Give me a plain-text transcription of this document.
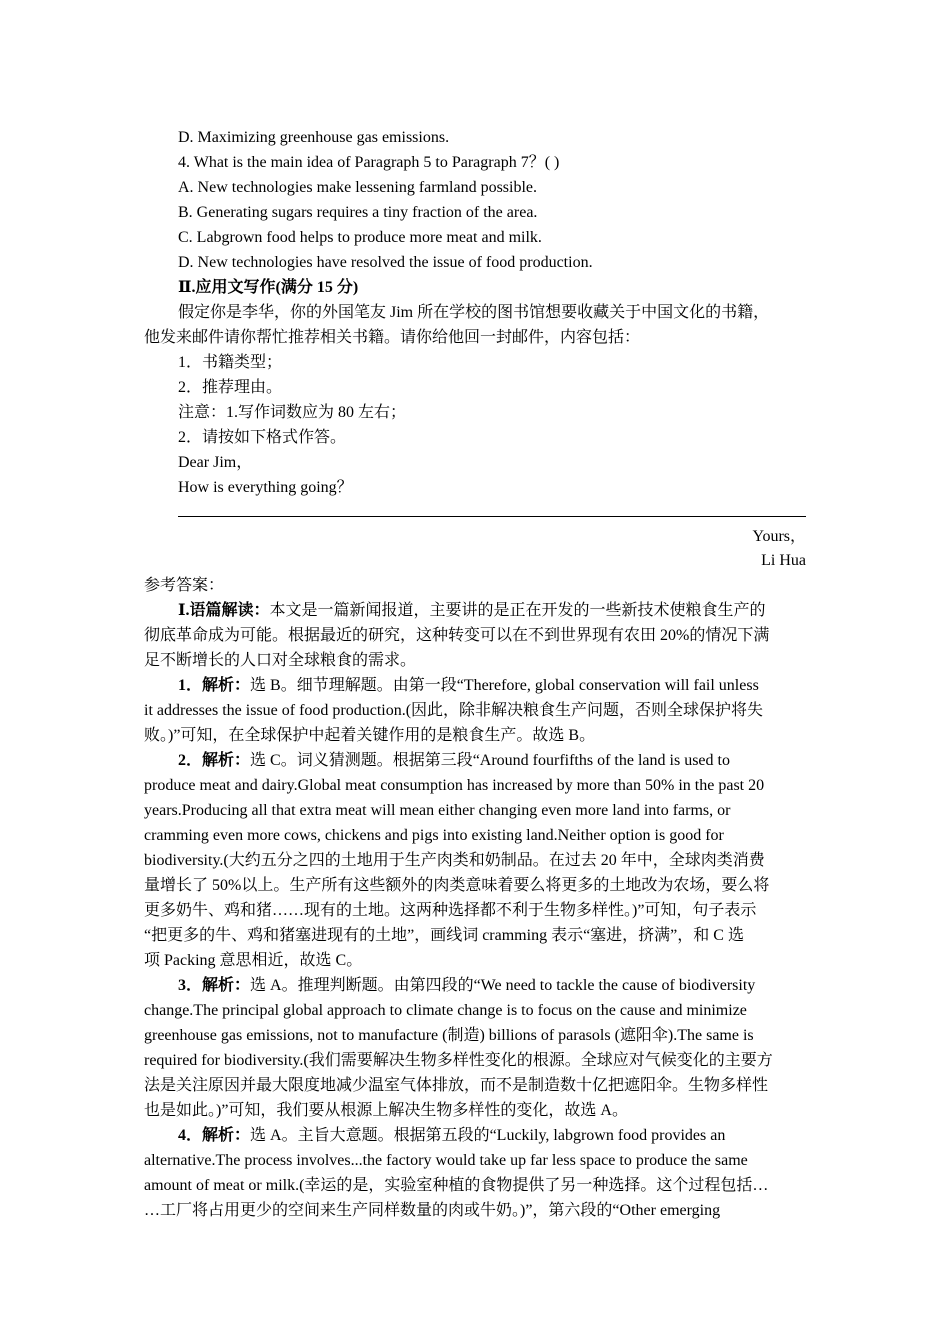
D. Maximizing greenhouse gas emissions.
4. What is the main idea of Paragraph 5 to Paragraph 7？( )
A. New technologies make lessening farmland possible.
B. Generating sugars requires a tiny fraction of the area.
C. Labgrown food helps to produce more meat and milk.
D. New technologies have resolved the issue of food production.
Ⅱ.应用文写作(满分 15 分)
假定你是李华，你的外国笔友 Jim 所在学校的图书馆想要收藏关于中国文化的书籍，
他发来邮件请你帮忙推荐相关书籍。请你给他回一封邮件，内容包括：
1．书籍类型；
2．推荐理由。
注意：1.写作词数应为 80 左右；
2．请按如下格式作答。
Dear Jim，
How is everything going？
Yours，
Li Hua
参考答案：
Ⅰ.语篇解读：本文是一篇新闻报道，主要讲的是正在开发的一些新技术使粮食生产的
彻底革命成为可能。根据最近的研究，这种转变可以在不到世界现有农田 20%的情况下满
足不断增长的人口对全球粮食的需求。
1．解析：选 B。细节理解题。由第一段“Therefore, global conservation will fail unless
it addresses the issue of food production.(因此，除非解决粮食生产问题，否则全球保护将失
败。)”可知，在全球保护中起着关键作用的是粮食生产。故选 B。
2．解析：选 C。词义猜测题。根据第三段“Around fourfifths of the land is used to
produce meat and dairy.Global meat consumption has increased by more than 50% in the past 20
years.Producing all that extra meat will mean either changing even more land into farms, or
cramming even more cows, chickens and pigs into existing land.Neither option is good for
biodiversity.(大约五分之四的土地用于生产肉类和奶制品。在过去 20 年中，全球肉类消费
量增长了 50%以上。生产所有这些额外的肉类意味着要么将更多的土地改为农场，要么将
更多奶牛、鸡和猪……现有的土地。这两种选择都不利于生物多样性。)”可知，句子表示
“把更多的牛、鸡和猪塞进现有的土地”，画线词 cramming 表示“塞进，挤满”，和 C 选
项 Packing 意思相近，故选 C。
3．解析：选 A。推理判断题。由第四段的“We need to tackle the cause of biodiversity
change.The principal global approach to climate change is to focus on the cause and minimize
greenhouse gas emissions, not to manufacture (制造) billions of parasols (遮阳伞).The same is
required for biodiversity.(我们需要解决生物多样性变化的根源。全球应对气候变化的主要方
法是关注原因并最大限度地减少温室气体排放，而不是制造数十亿把遮阳伞。生物多样性
也是如此。)”可知，我们要从根源上解决生物多样性的变化，故选 A。
4．解析：选 A。主旨大意题。根据第五段的“Luckily, labgrown food provides an
alternative.The process involves...the factory would take up far less space to produce the same
amount of meat or milk.(幸运的是，实验室种植的食物提供了另一种选择。这个过程包括…
…工厂将占用更少的空间来生产同样数量的肉或牛奶。)”，第六段的“Other emerging
